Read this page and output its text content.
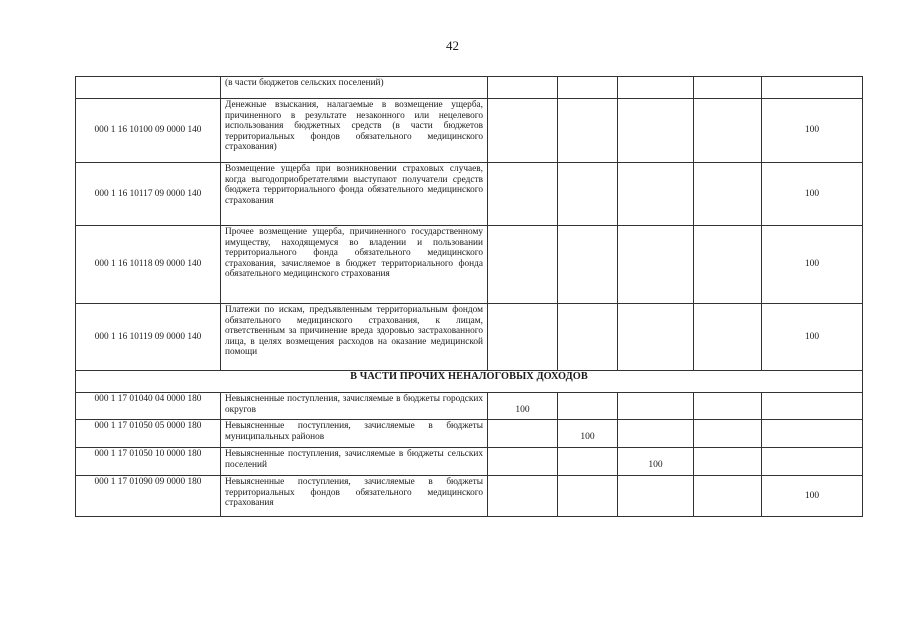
42
	(в части бюджетов сельских поселений)					
000 1 16 10100 09 0000 140	Денежные взыскания, налагаемые в возмещение ущерба, причиненного в результате незаконного или нецелевого использования бюджетных средств (в части бюджетов территориальных фондов обязательного медицинского страхования)					100
000 1 16 10117 09 0000 140	Возмещение ущерба при возникновении страховых случаев, когда выгодоприобретателями выступают получатели средств бюджета территориального фонда обязательного медицинского страхования					100
000 1 16 10118 09 0000 140	Прочее возмещение ущерба, причиненного государственному имуществу, находящемуся во владении и пользовании территориального фонда обязательного медицинского страхования, зачисляемое в бюджет территориального фонда обязательного медицинского страхования					100
000 1 16 10119 09 0000 140	Платежи по искам, предъявленным территориальным фондом обязательного медицинского страхования, к лицам, ответственным за причинение вреда здоровью застрахованного лица, в целях возмещения расходов на оказание медицинской помощи					100
В ЧАСТИ ПРОЧИХ НЕНАЛОГОВЫХ ДОХОДОВ						
000 1 17 01040 04 0000 180	Невыясненные поступления, зачисляемые в бюджеты городских округов	100				
000 1 17 01050 05 0000 180	Невыясненные поступления, зачисляемые в бюджеты муниципальных районов		100			
000 1 17 01050 10 0000 180	Невыясненные поступления, зачисляемые в бюджеты сельских поселений			100		
000 1 17 01090 09 0000 180	Невыясненные поступления, зачисляемые в бюджеты территориальных фондов обязательного медицинского страхования					100
